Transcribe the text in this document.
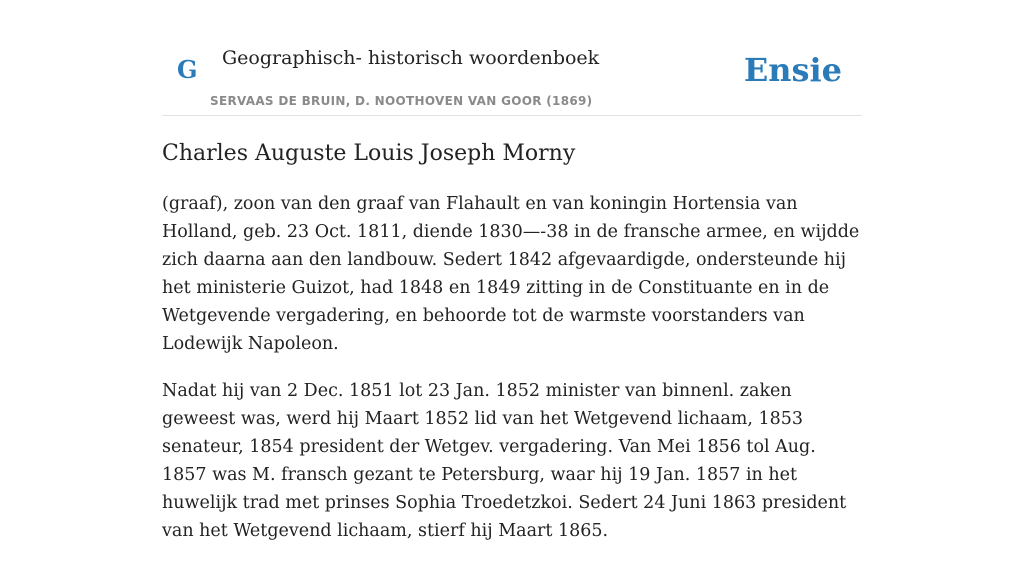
G Geographisch- historisch woordenboek
SERVAAS DE BRUIN, D. NOOTHOVEN VAN GOOR (1869)
Ensie
Charles Auguste Louis Joseph Morny

(graaf), zoon van den graaf van Flahault en van koningin Hortensia van Holland, geb. 23 Oct. 1811, diende 1830—-38 in de fransche armee, en wijdde zich daarna aan den landbouw. Sedert 1842 afgevaardigde, ondersteunde hij het ministerie Guizot, had 1848 en 1849 zitting in de Constituante en in de Wetgevende vergadering, en behoorde tot de warmste voorstanders van Lodewijk Napoleon.

Nadat hij van 2 Dec. 1851 lot 23 Jan. 1852 minister van binnenl. zaken geweest was, werd hij Maart 1852 lid van het Wetgevend lichaam, 1853 senateur, 1854 president der Wetgev. vergadering. Van Mei 1856 tol Aug. 1857 was M. fransch gezant te Petersburg, waar hij 19 Jan. 1857 in het huwelijk trad met prinses Sophia Troedetzkoi. Sedert 24 Juni 1863 president van het Wetgevend lichaam, stierf hij Maart 1865.
